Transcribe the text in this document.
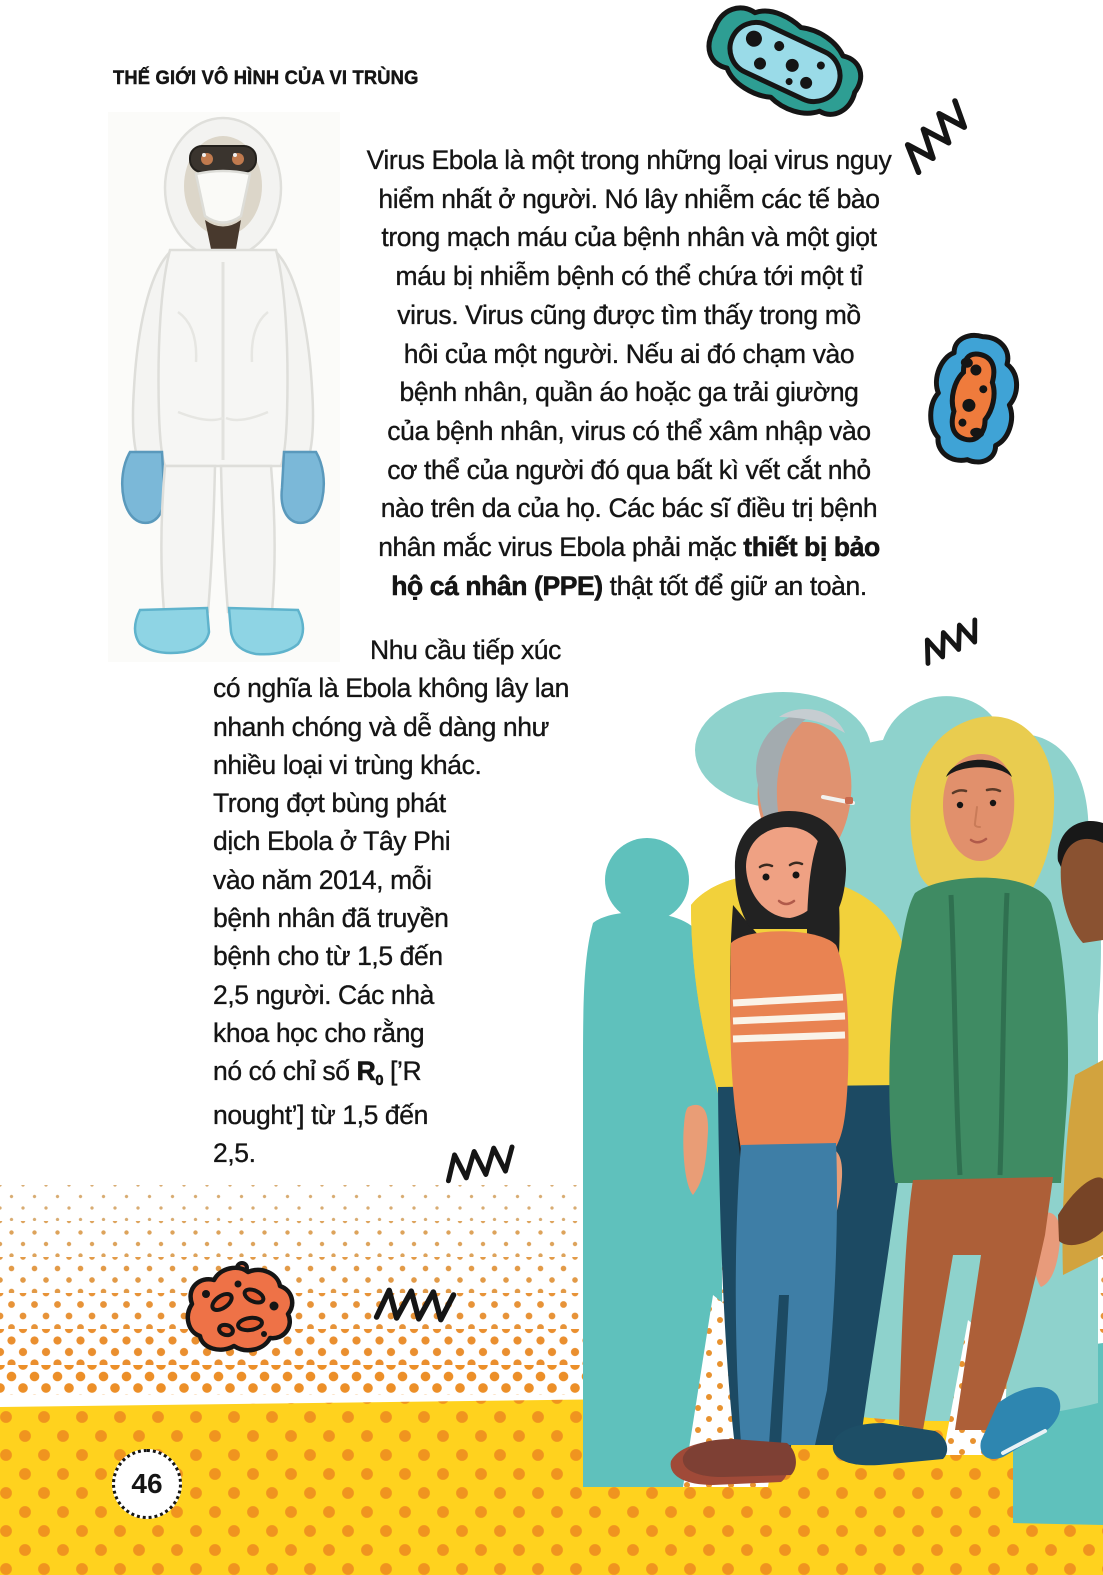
THẾ GIỚI VÔ HÌNH CỦA VI TRÙNG
Virus Ebola là một trong những loại virus nguy
hiểm nhất ở người. Nó lây nhiễm các tế bào
trong mạch máu của bệnh nhân và một giọt
máu bị nhiễm bệnh có thể chứa tới một tỉ
virus. Virus cũng được tìm thấy trong mồ
hôi của một người. Nếu ai đó chạm vào
bệnh nhân, quần áo hoặc ga trải giường
của bệnh nhân, virus có thể xâm nhập vào
cơ thể của người đó qua bất kì vết cắt nhỏ
nào trên da của họ. Các bác sĩ điều trị bệnh
nhân mắc virus Ebola phải mặc thiết bị bảo
hộ cá nhân (PPE) thật tốt để giữ an toàn.
Nhu cầu tiếp xúc
có nghĩa là Ebola không lây lan
nhanh chóng và dễ dàng như
nhiều loại vi trùng khác.
Trong đợt bùng phát
dịch Ebola ở Tây Phi
vào năm 2014, mỗi
bệnh nhân đã truyền
bệnh cho từ 1,5 đến
2,5 người. Các nhà
khoa học cho rằng
nó có chỉ số $R_0$ [’R
nought’] từ 1,5 đến
2,5.
46
